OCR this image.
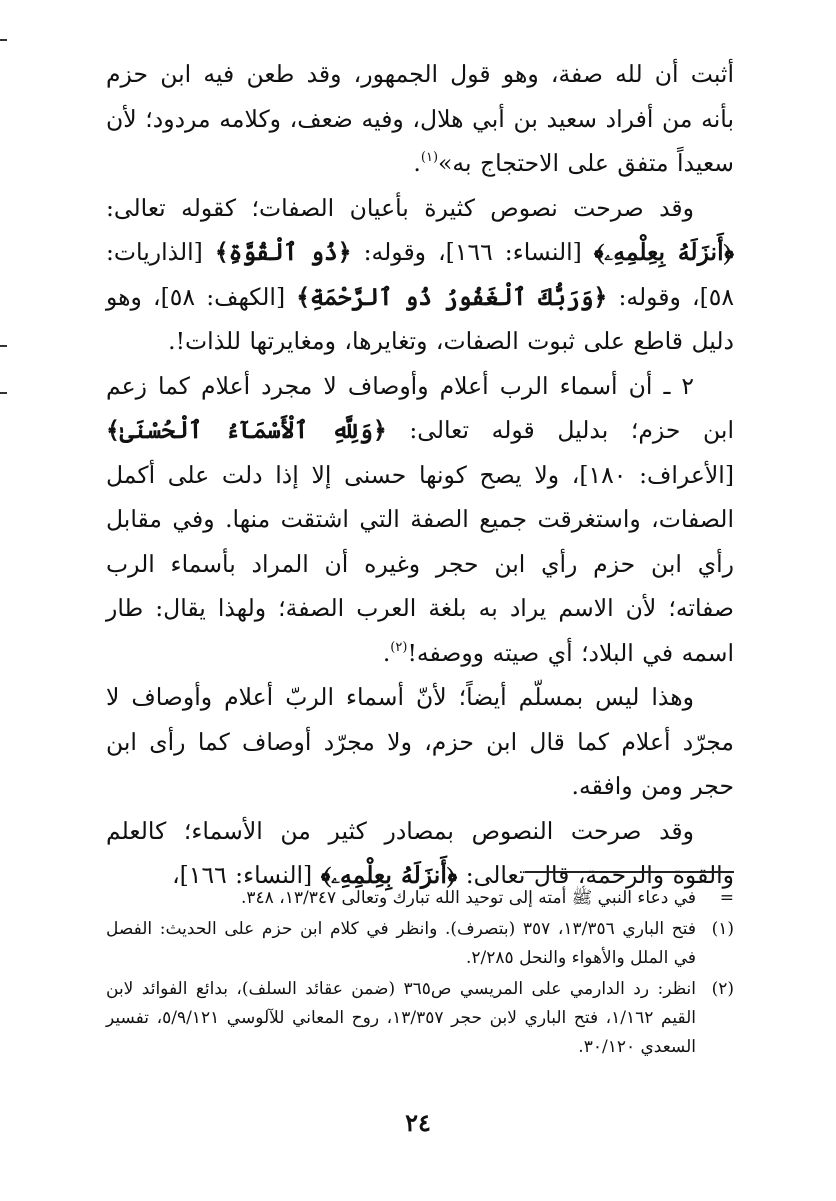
أثبت أن لله صفة، وهو قول الجمهور، وقد طعن فيه ابن حزم بأنه من أفراد سعيد بن أبي هلال، وفيه ضعف، وكلامه مردود؛ لأن سعيداً متفق على الاحتجاج به»$^{(١)}$.

وقد صرحت نصوص كثيرة بأعيان الصفات؛ كقوله تعالى: ﴿أَنزَلَهُ بِعِلْمِهِۦ﴾ [النساء: ١٦٦]، وقوله: ﴿ذُو ٱلْقُوَّةِ﴾ [الذاريات: ٥٨]، وقوله: ﴿وَرَبُّكَ ٱلْغَفُورُ ذُو ٱلرَّحْمَةِ﴾ [الكهف: ٥٨]، وهو دليل قاطع على ثبوت الصفات، وتغايرها، ومغايرتها للذات!.

٢ ـ أن أسماء الرب أعلام وأوصاف لا مجرد أعلام كما زعم ابن حزم؛ بدليل قوله تعالى: ﴿وَلِلَّهِ ٱلْأَسْمَآءُ ٱلْحُسْنَىٰ﴾ [الأعراف: ١٨٠]، ولا يصح كونها حسنى إلا إذا دلت على أكمل الصفات، واستغرقت جميع الصفة التي اشتقت منها. وفي مقابل رأي ابن حزم رأي ابن حجر وغيره أن المراد بأسماء الرب صفاته؛ لأن الاسم يراد به بلغة العرب الصفة؛ ولهذا يقال: طار اسمه في البلاد؛ أي صيته ووصفه!$^{(٢)}$.

وهذا ليس بمسلّم أيضاً؛ لأنّ أسماء الربّ أعلام وأوصاف لا مجرّد أعلام كما قال ابن حزم، ولا مجرّد أوصاف كما رأى ابن حجر ومن وافقه.

وقد صرحت النصوص بمصادر كثير من الأسماء؛ كالعلم والقوة والرحمة، قال تعالى: ﴿أَنزَلَهُ بِعِلْمِهِۦ﴾ [النساء: ١٦٦]،

=
في دعاء النبي ﷺ أمته إلى توحيد الله تبارك وتعالى ١٣/٣٤٧، ٣٤٨.
(١)
فتح الباري ١٣/٣٥٦، ٣٥٧ (بتصرف). وانظر في كلام ابن حزم على الحديث: الفصل في الملل والأهواء والنحل ٢/٢٨٥.
(٢)
انظر: رد الدارمي على المريسي ص٣٦٥ (ضمن عقائد السلف)، بدائع الفوائد لابن القيم ١/١٦٢، فتح الباري لابن حجر ١٣/٣٥٧، روح المعاني للآلوسي ٥/٩/١٢١، تفسير السعدي ٣٠/١٢٠.
٢٤
